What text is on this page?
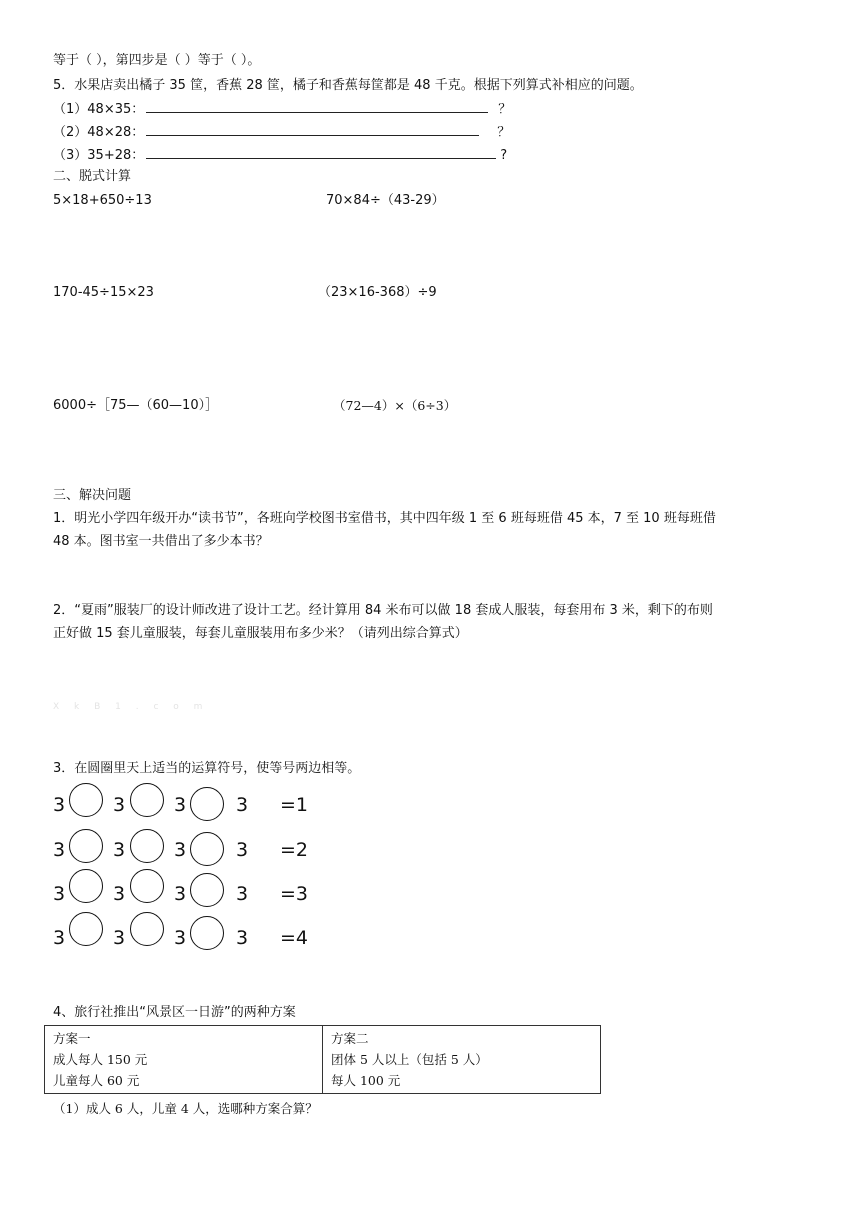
等于（ ），第四步是（ ）等于（ ）。
5．水果店卖出橘子 35 筐，香蕉 28 筐，橘子和香蕉每筐都是 48 千克。根据下列算式补相应的问题。
（1）48×35：	？
（2）48×28：	？
（3）35+28：	?
二、脱式计算
5×18+650÷13	70×84÷（43-29）
170-45÷15×23	（23×16-368）÷9
6000÷［75—（60—10）］	（72—4）×（6÷3）
三、解决问题
1．明光小学四年级开办“读书节”，各班向学校图书室借书，其中四年级 1 至 6 班每班借 45 本，7 至 10 班每班借
48 本。图书室一共借出了多少本书？
2．“夏雨”服装厂的设计师改进了设计工艺。经计算用 84 米布可以做 18 套成人服装，每套用布 3 米，剩下的布则
正好做 15 套儿童服装，每套儿童服装用布多少米？（请列出综合算式）
X k B 1 . c o m
3．在圆圈里天上适当的运算符号，使等号两边相等。
3	3	3	3 =1
3	3	3	3 =2
3	3	3	3 =3
3	3	3	3 =4
4、旅行社推出“风景区一日游”的两种方案
方案一
成人每人 150 元
儿童每人 60 元

方案二
团体 5 人以上（包括 5 人）
每人 100 元
（1）成人 6 人，儿童 4 人，选哪种方案合算？
